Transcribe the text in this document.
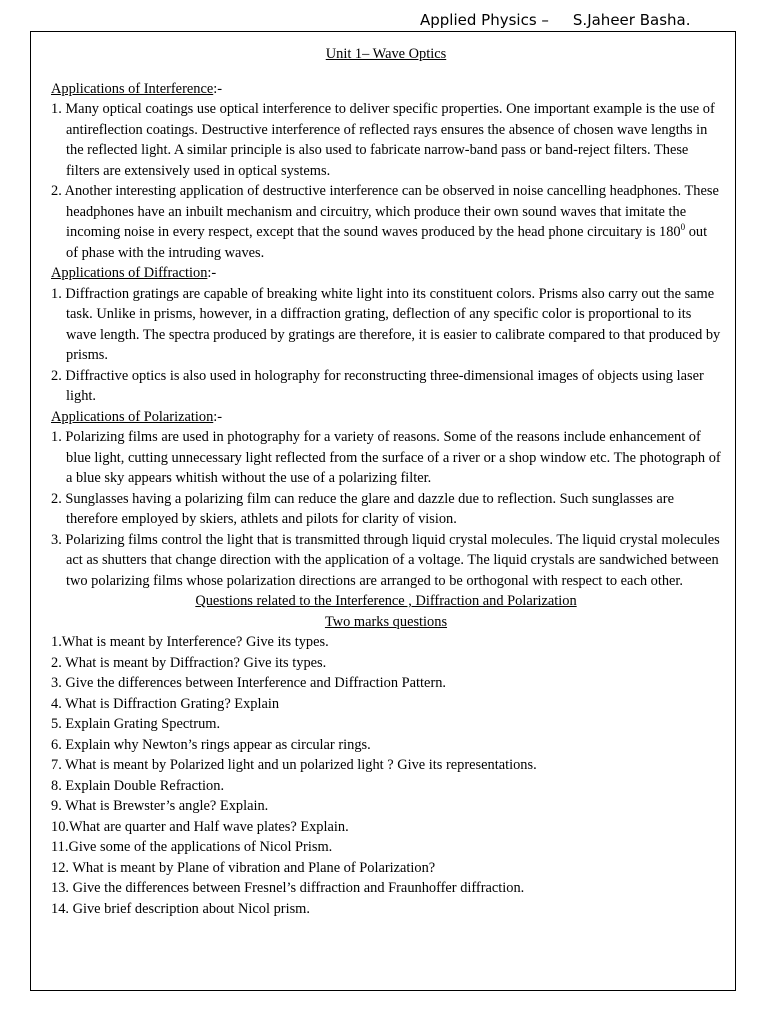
Applied Physics – S.Jaheer Basha.
Unit 1– Wave Optics
Applications of Interference:-
1. Many optical coatings use optical interference to deliver specific properties. One important example is the use of antireflection coatings. Destructive interference of reflected rays ensures the absence of chosen wave lengths in the reflected light. A similar principle is also used to fabricate narrow-band pass or band-reject filters. These filters are extensively used in optical systems.
2. Another interesting application of destructive interference can be observed in noise cancelling headphones. These headphones have an inbuilt mechanism and circuitry, which produce their own sound waves that imitate the incoming noise in every respect, except that the sound waves produced by the head phone circuitary is $180^0$ out of phase with the intruding waves.
Applications of Diffraction:-
1. Diffraction gratings are capable of breaking white light into its constituent colors. Prisms also carry out the same task. Unlike in prisms, however, in a diffraction grating, deflection of any specific color is proportional to its wave length. The spectra produced by gratings are therefore, it is easier to calibrate compared to that produced by prisms.
2. Diffractive optics is also used in holography for reconstructing three-dimensional images of objects using laser light.
Applications of Polarization:-
1. Polarizing films are used in photography for a variety of reasons. Some of the reasons include enhancement of blue light, cutting unnecessary light reflected from the surface of a river or a shop window etc. The photograph of a blue sky appears whitish without the use of a polarizing filter.
2. Sunglasses having a polarizing film can reduce the glare and dazzle due to reflection. Such sunglasses are therefore employed by skiers, athlets and pilots for clarity of vision.
3. Polarizing films control the light that is transmitted through liquid crystal molecules. The liquid crystal molecules act as shutters that change direction with the application of a voltage. The liquid crystals are sandwiched between two polarizing films whose polarization directions are arranged to be orthogonal with respect to each other.
Questions related to the Interference , Diffraction and Polarization
Two marks questions
1.What is meant by Interference? Give its types.
2. What is meant by Diffraction? Give its types.
3. Give the differences between Interference and Diffraction Pattern.
4. What is Diffraction Grating? Explain
5. Explain Grating Spectrum.
6. Explain why Newton’s rings appear as circular rings.
7. What is meant by Polarized light and un polarized light ? Give its representations.
8. Explain Double Refraction.
9. What is Brewster’s angle? Explain.
10.What are quarter and Half wave plates? Explain.
11.Give some of the applications of Nicol Prism.
12. What is meant by Plane of vibration and Plane of Polarization?
13. Give the differences between Fresnel’s diffraction and Fraunhoffer diffraction.
14. Give brief description about Nicol prism.
